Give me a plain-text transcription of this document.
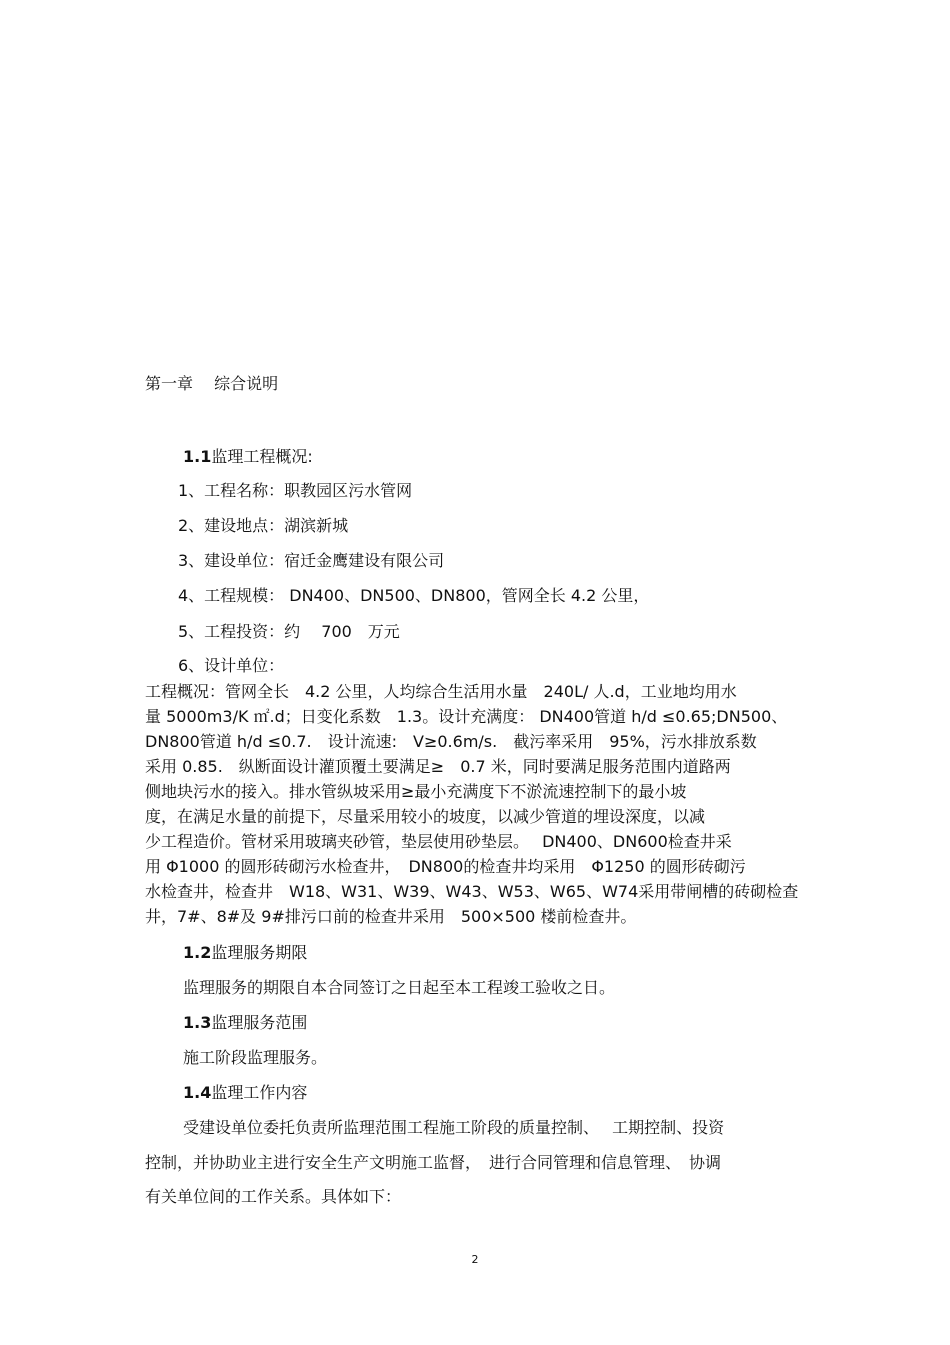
第一章　 综合说明
1.1监理工程概况:
1、工程名称：职教园区污水管网
2、建设地点：湖滨新城
3、建设单位：宿迁金鹰建设有限公司
4、工程规模： DN400、DN500、DN800，管网全长 4.2 公里，
5、工程投资：约　 700　万元
6、设计单位：
工程概况：管网全长　4.2 公里，人均综合生活用水量　240L/ 人.d，工业地均用水
量 5000m3/K ㎡.d；日变化系数　1.3。设计充满度： DN400管道 h/d ≤0.65;DN500、
DN800管道 h/d ≤0.7.　设计流速:　V≥0.6m/s.　截污率采用　95%，污水排放系数
采用 0.85.　纵断面设计灌顶覆土要满足≥　0.7 米，同时要满足服务范围内道路两
侧地块污水的接入。排水管纵坡采用≥最小充满度下不淤流速控制下的最小坡
度，在满足水量的前提下，尽量采用较小的坡度，以减少管道的埋设深度，以减
少工程造价。管材采用玻璃夹砂管，垫层使用砂垫层。　 DN400、DN600检查井采
用 Φ1000 的圆形砖砌污水检查井，　DN800的检查井均采用　Φ1250 的圆形砖砌污
水检查井，检查井　W18、W31、W39、W43、W53、W65、W74采用带闸槽的砖砌检查
井，7#、8#及 9#排污口前的检查井采用　500×500 楼前检查井。
1.2监理服务期限
监理服务的期限自本合同签订之日起至本工程竣工验收之日。
1.3监理服务范围
施工阶段监理服务。
1.4监理工作内容
受建设单位委托负责所监理范围工程施工阶段的质量控制、　 工期控制、投资
控制，并协助业主进行安全生产文明施工监督，　进行合同管理和信息管理、　协调
有关单位间的工作关系。具体如下：
2
